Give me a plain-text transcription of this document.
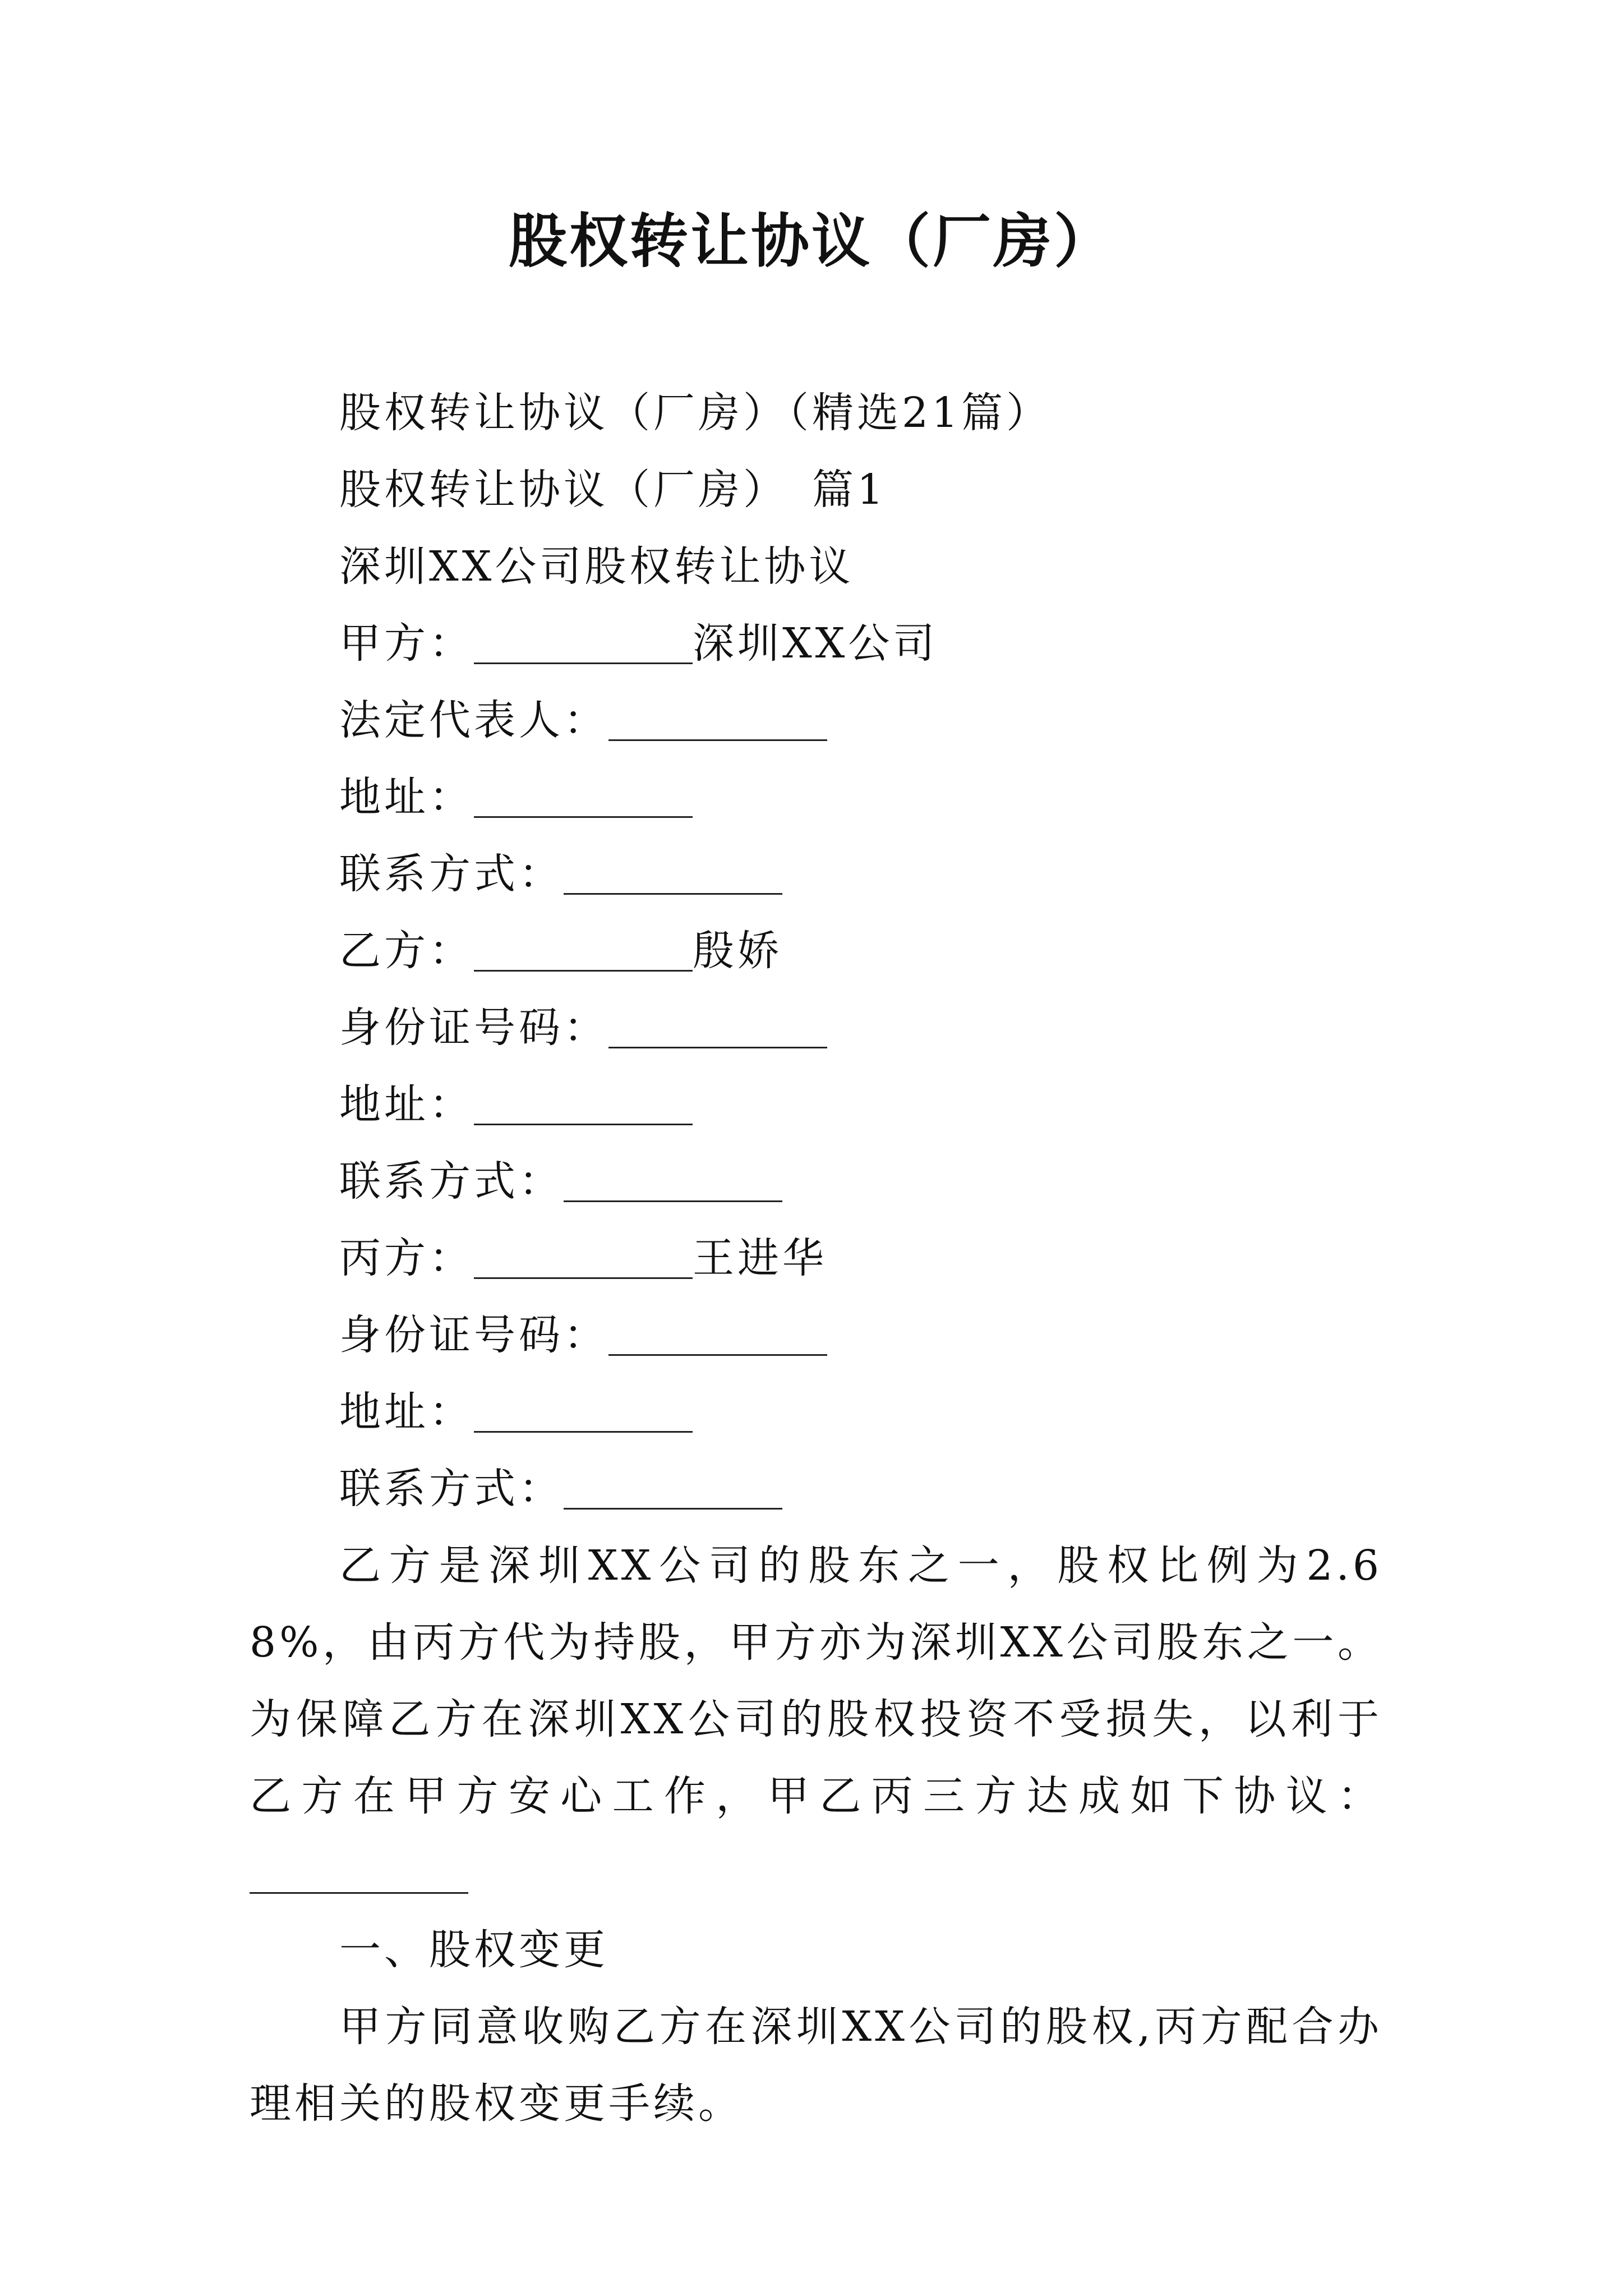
股权转让协议（厂房）
股权转让协议（厂房）（精选21篇）
股权转让协议（厂房）　篇1
深圳XX公司股权转让协议
甲方：	深圳XX公司
法定代表人：
地址：
联系方式：
乙方：	殷娇
身份证号码：
地址：
联系方式：
丙方：	王进华
身份证号码：
地址：
联系方式：
乙方是深圳XX公司的股东之一，股权比例为2.68%，由丙方代为持股，甲方亦为深圳XX公司股东之一。为保障乙方在深圳XX公司的股权投资不受损失，以利于乙方在甲方安心工作，甲乙丙三方达成如下协议：
一、股权变更
甲方同意收购乙方在深圳XX公司的股权,丙方配合办理相关的股权变更手续。
